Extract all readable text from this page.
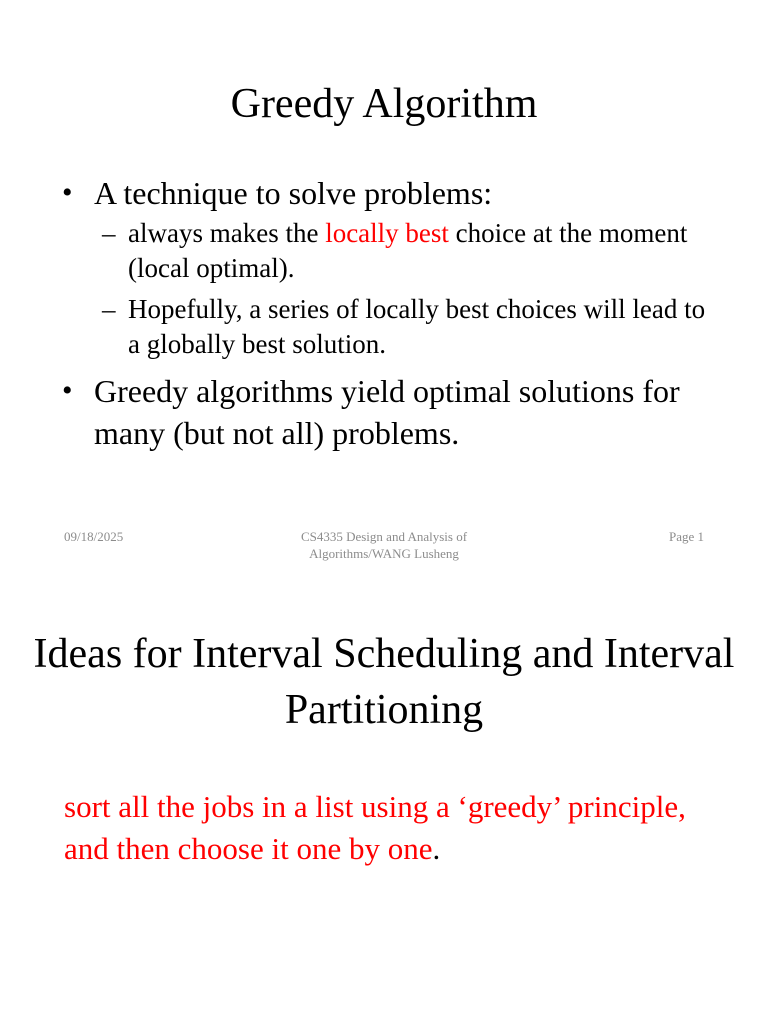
Greedy Algorithm
• A technique to solve problems:
– always makes the locally best choice at the moment (local optimal).
– Hopefully, a series of locally best choices will lead to a globally best solution.
• Greedy algorithms yield optimal solutions for many (but not all) problems.
09/18/2025	CS4335 Design and Analysis of Algorithms/WANG Lusheng
Page 1
Ideas for Interval Scheduling and Interval Partitioning
sort all the jobs in a list using a ‘greedy’ principle, and then choose it one by one.
